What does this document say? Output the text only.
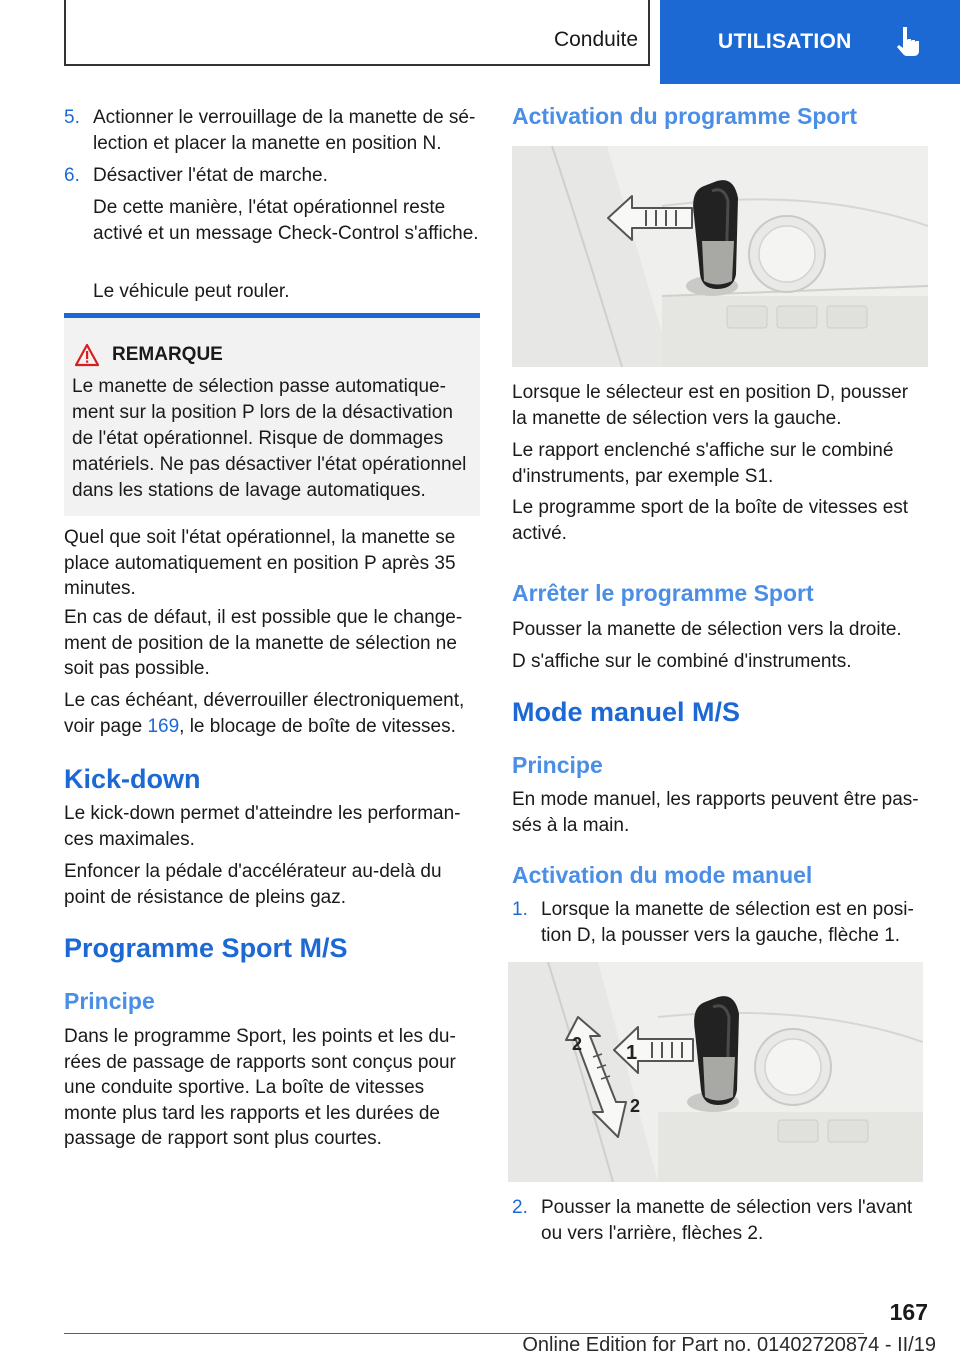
Conduite	UTILISATION
5. Actionner le verrouillage de la manette de sélection et placer la manette en position N.
6. Désactiver l'état de marche.
De cette manière, l'état opérationnel reste activé et un message Check-Control s'affiche.
Le véhicule peut rouler.
REMARQUE
Le manette de sélection passe automatiquement sur la position P lors de la désactivation de l'état opérationnel. Risque de dommages matériels. Ne pas désactiver l'état opérationnel dans les stations de lavage automatiques.

Quel que soit l'état opérationnel, la manette se place automatiquement en position P après 35 minutes.

En cas de défaut, il est possible que le changement de position de la manette de sélection ne soit pas possible.

Le cas échéant, déverrouiller électroniquement, voir page 169, le blocage de boîte de vitesses.

Kick-down

Le kick-down permet d'atteindre les performances maximales.

Enfoncer la pédale d'accélérateur au-delà du point de résistance de pleins gaz.

Programme Sport M/S
Principe

Dans le programme Sport, les points et les durées de passage de rapports sont conçus pour une conduite sportive. La boîte de vitesses monte plus tard les rapports et les durées de passage de rapport sont plus courtes.

Activation du programme Sport

Lorsque le sélecteur est en position D, pousser la manette de sélection vers la gauche.

Le rapport enclenché s'affiche sur le combiné d'instruments, par exemple S1.

Le programme sport de la boîte de vitesses est activé.

Arrêter le programme Sport

Pousser la manette de sélection vers la droite.

D s'affiche sur le combiné d'instruments.

Mode manuel M/S
Principe

En mode manuel, les rapports peuvent être passés à la main.

Activation du mode manuel
1. Lorsque la manette de sélection est en position D, la pousser vers la gauche, flèche 1.
1
2
2
2. Pousser la manette de sélection vers l'avant ou vers l'arrière, flèches 2.
167
Online Edition for Part no. 01402720874 - II/19
